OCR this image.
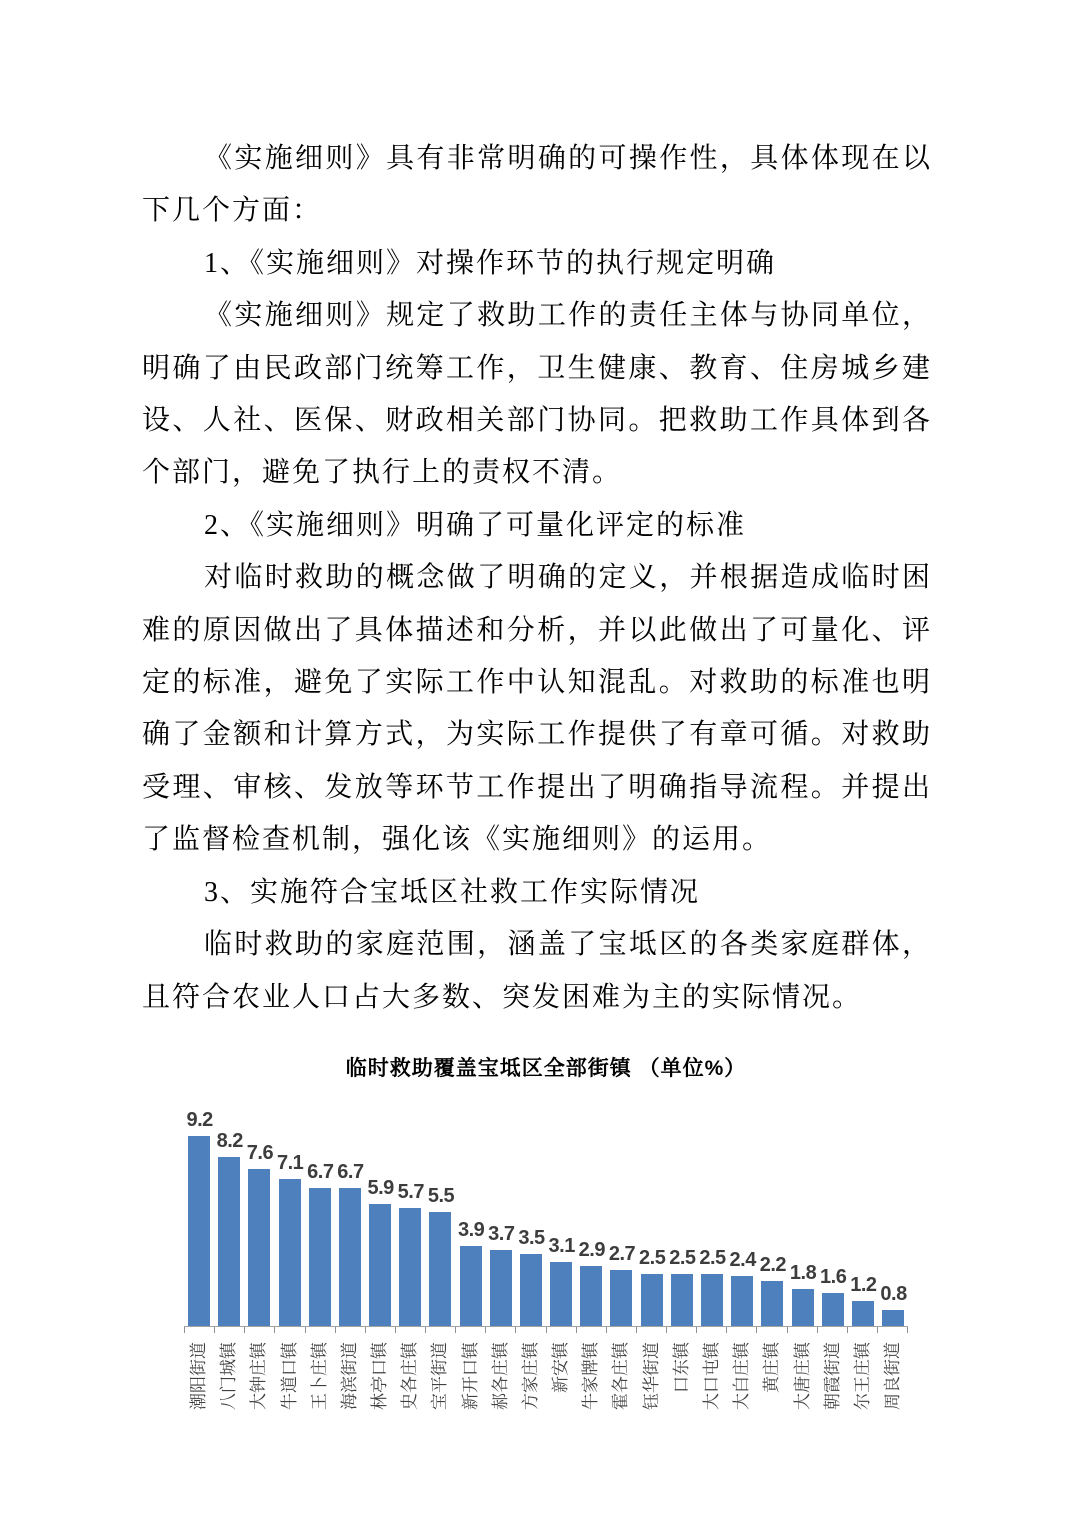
《实施细则》具有非常明确的可操作性，具体体现在以下几个方面：

1、《实施细则》对操作环节的执行规定明确

《实施细则》规定了救助工作的责任主体与协同单位，明确了由民政部门统筹工作，卫生健康、教育、住房城乡建设、人社、医保、财政相关部门协同。把救助工作具体到各个部门，避免了执行上的责权不清。

2、《实施细则》明确了可量化评定的标准

对临时救助的概念做了明确的定义，并根据造成临时困难的原因做出了具体描述和分析，并以此做出了可量化、评定的标准，避免了实际工作中认知混乱。对救助的标准也明确了金额和计算方式，为实际工作提供了有章可循。对救助受理、审核、发放等环节工作提出了明确指导流程。并提出了监督检查机制，强化该《实施细则》的运用。

3、实施符合宝坻区社救工作实际情况

临时救助的家庭范围，涵盖了宝坻区的各类家庭群体，且符合农业人口占大多数、突发困难为主的实际情况。

临时救助覆盖宝坻区全部街镇 （单位%）
9.2
8.2
7.6 7.1 6.7 6.7
5.9 5.7 5.5
3.9 3.7 3.5 3.1 2.9 2.7 2.5 2.5 2.5 2.4 2.2 1.8 1.6 1.2 0.8
潮阳街道 八门城镇 大钟庄镇 牛道口镇 王卜庄镇 海滨街道 林亭口镇 史各庄镇 宝平街道 新开口镇 郝各庄镇 方家庄镇 新安镇 牛家牌镇 霍各庄镇 钰华街道 口东镇 大口屯镇 大白庄镇 黄庄镇 大唐庄镇 朝霞街道 尔王庄镇 周良街道
